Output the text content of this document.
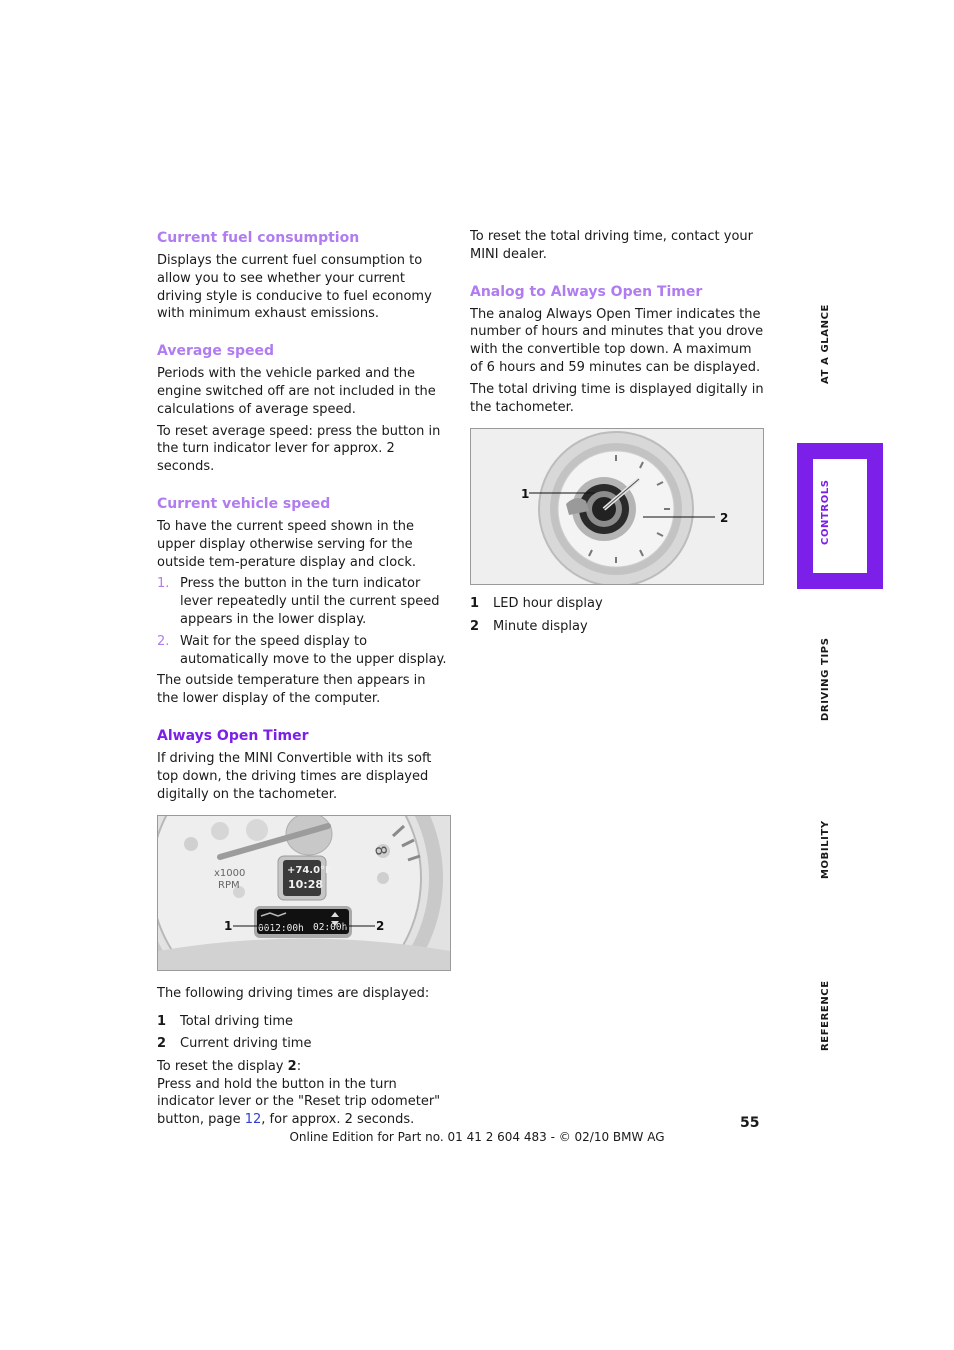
Current fuel consumption

Displays the current fuel consumption to allow you to see whether your current driving style is conducive to fuel economy with minimum exhaust emissions.

Average speed

Periods with the vehicle parked and the engine switched off are not included in the calculations of average speed.

To reset average speed: press the button in the turn indicator lever for approx. 2 seconds.

Current vehicle speed

To have the current speed shown in the upper display otherwise serving for the outside tem-perature display and clock.

1. Press the button in the turn indicator lever repeatedly until the current speed appears in the lower display.
2. Wait for the speed display to automatically move to the upper display.

The outside temperature then appears in the lower display of the computer.

Always Open Timer

If driving the MINI Convertible with its soft top down, the driving times are displayed digitally on the tachometer.

8
x1000
RPM
+74.0°F
10:28
0012:00h 02:00h
1	2

The following driving times are displayed:

1	Total driving time
2	Current driving time

To reset the display 2:

Press and hold the button in the turn indicator lever or the "Reset trip odometer" button, page 12, for approx. 2 seconds.

To reset the total driving time, contact your MINI dealer.

Analog to Always Open Timer

The analog Always Open Timer indicates the number of hours and minutes that you drove with the convertible top down. A maximum of 6 hours and 59 minutes can be displayed.

The total driving time is displayed digitally in the tachometer.

1
2
1	LED hour display
2	Minute display
AT A GLANCE
CONTROLS
DRIVING TIPS
MOBILITY
REFERENCE
55
Online Edition for Part no. 01 41 2 604 483 - © 02/10 BMW AG
